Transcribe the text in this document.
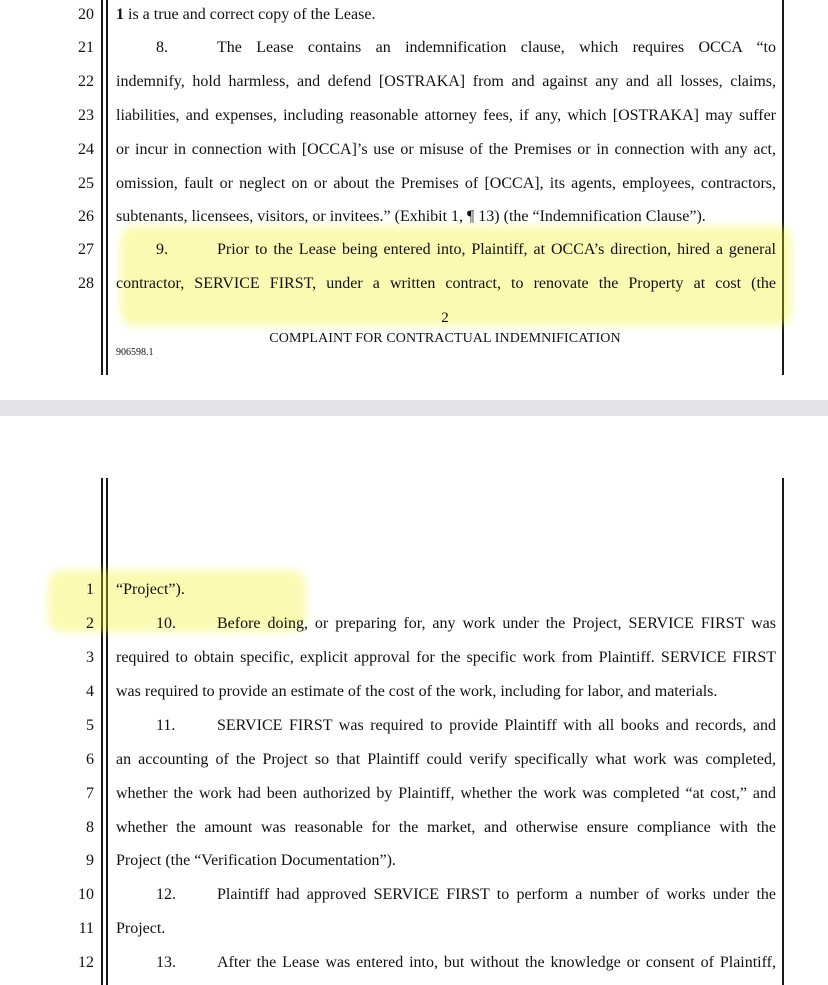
20 1 is a true and correct copy of the Lease.
21	8.	The Lease contains an indemnification clause, which requires OCCA “to
22 indemnify, hold harmless, and defend [OSTRAKA] from and against any and all losses, claims,
23 liabilities, and expenses, including reasonable attorney fees, if any, which [OSTRAKA] may suffer
24 or incur in connection with [OCCA]’s use or misuse of the Premises or in connection with any act,
25 omission, fault or neglect on or about the Premises of [OCCA], its agents, employees, contractors,
26 subtenants, licensees, visitors, or invitees.” (Exhibit 1, ¶ 13) (the “Indemnification Clause”).
27	9.	Prior to the Lease being entered into, Plaintiff, at OCCA’s direction, hired a general
28 contractor, SERVICE FIRST, under a written contract, to renovate the Property at cost (the
2
COMPLAINT FOR CONTRACTUAL INDEMNIFICATION
906598.1
1 “Project”).
2	10.	Before doing, or preparing for, any work under the Project, SERVICE FIRST was
3 required to obtain specific, explicit approval for the specific work from Plaintiff. SERVICE FIRST
4 was required to provide an estimate of the cost of the work, including for labor, and materials.
5	11.	SERVICE FIRST was required to provide Plaintiff with all books and records, and
6 an accounting of the Project so that Plaintiff could verify specifically what work was completed,
7 whether the work had been authorized by Plaintiff, whether the work was completed “at cost,” and
8 whether the amount was reasonable for the market, and otherwise ensure compliance with the
9 Project (the “Verification Documentation”).
10	12.	Plaintiff had approved SERVICE FIRST to perform a number of works under the
11 Project.
12	13.	After the Lease was entered into, but without the knowledge or consent of Plaintiff,
